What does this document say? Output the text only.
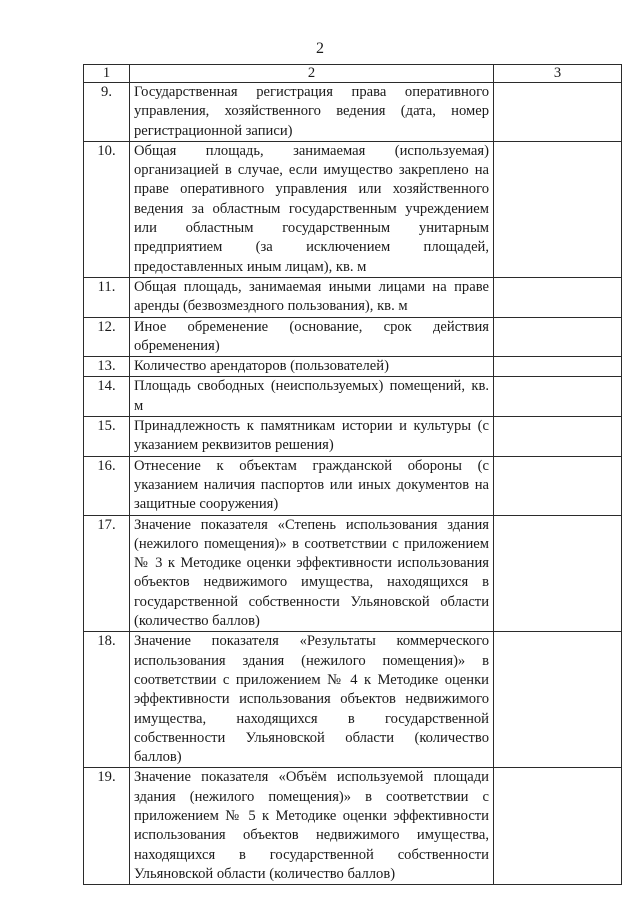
2
1	2	3
9.	Государственная регистрация права оперативного управления, хозяйственного ведения (дата, номер регистрационной записи)	
10.	Общая площадь, занимаемая (используемая) организацией в случае, если имущество закреплено на праве оперативного управления или хозяйственного ведения за областным государственным учреждением или областным государственным унитарным предприятием (за исключением площадей, предоставленных иным лицам), кв. м	
11.	Общая площадь, занимаемая иными лицами на праве аренды (безвозмездного пользования), кв. м	
12.	Иное обременение (основание, срок действия обременения)	
13.	Количество арендаторов (пользователей)	
14.	Площадь свободных (неиспользуемых) помещений, кв. м	
15.	Принадлежность к памятникам истории и культуры (с указанием реквизитов решения)	
16.	Отнесение к объектам гражданской обороны (с указанием наличия паспортов или иных документов на защитные сооружения)	
17.	Значение показателя «Степень использования здания (нежилого помещения)» в соответствии с приложением № 3 к Методике оценки эффективности использования объектов недвижимого имущества, находящихся в государственной собственности Ульяновской области (количество баллов)	
18.	Значение показателя «Результаты коммерческого использования здания (нежилого помещения)» в соответствии с приложением № 4 к Методике оценки эффективности использования объектов недвижимого имущества, находящихся в государственной собственности Ульяновской области (количество баллов)	
19.	Значение показателя «Объём используемой площади здания (нежилого помещения)» в соответствии с приложением № 5 к Методике оценки эффективности использования объектов недвижимого имущества, находящихся в государственной собственности Ульяновской области (количество баллов)	
